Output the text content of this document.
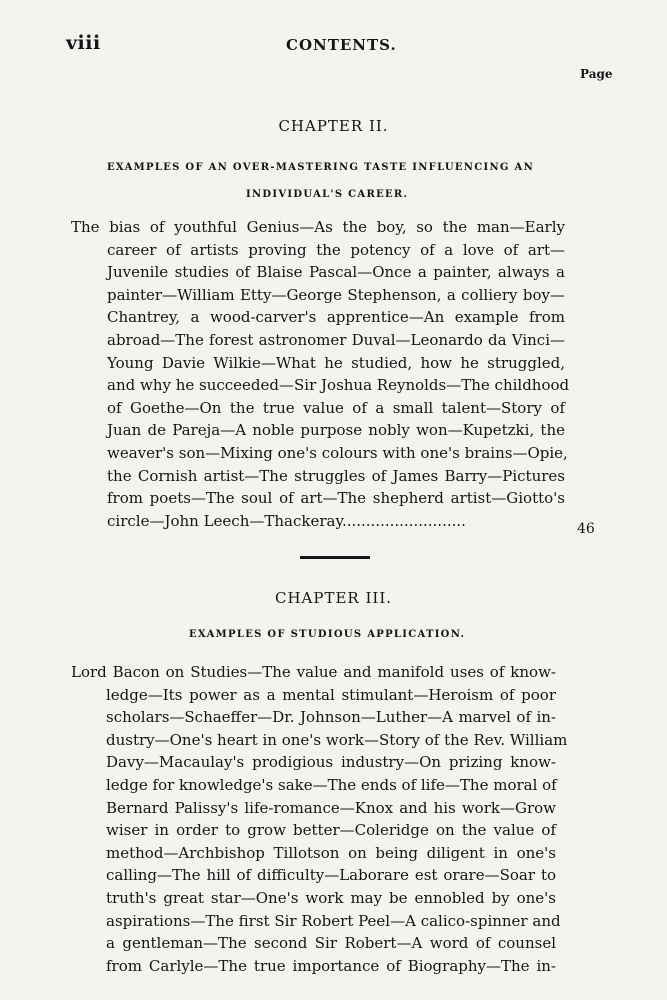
viii	CONTENTS.
Page
CHAPTER II.
EXAMPLES OF AN OVER-MASTERING TASTE INFLUENCING AN
INDIVIDUAL'S CAREER.
The bias of youthful Genius—As the boy, so the man—Early
career of artists proving the potency of a love of art—
Juvenile studies of Blaise Pascal—Once a painter, always a
painter—William Etty—George Stephenson, a colliery boy—
Chantrey, a wood-carver's apprentice—An example from
abroad—The forest astronomer Duval—Leonardo da Vinci—
Young Davie Wilkie—What he studied, how he struggled,
and why he succeeded—Sir Joshua Reynolds—The childhood
of Goethe—On the true value of a small talent—Story of
Juan de Pareja—A noble purpose nobly won—Kupetzki, the
weaver's son—Mixing one's colours with one's brains—Opie,
the Cornish artist—The struggles of James Barry—Pictures
from poets—The soul of art—The shepherd artist—Giotto's
circle—John Leech—Thackeray..........................	46
CHAPTER III.
EXAMPLES OF STUDIOUS APPLICATION.
Lord Bacon on Studies—The value and manifold uses of know-
ledge—Its power as a mental stimulant—Heroism of poor
scholars—Schaeffer—Dr. Johnson—Luther—A marvel of in-
dustry—One's heart in one's work—Story of the Rev. William
Davy—Macaulay's prodigious industry—On prizing know-
ledge for knowledge's sake—The ends of life—The moral of
Bernard Palissy's life-romance—Knox and his work—Grow
wiser in order to grow better—Coleridge on the value of
method—Archbishop Tillotson on being diligent in one's
calling—The hill of difficulty—Laborare est orare—Soar to
truth's great star—One's work may be ennobled by one's
aspirations—The first Sir Robert Peel—A calico-spinner and
a gentleman—The second Sir Robert—A word of counsel
from Carlyle—The true importance of Biography—The in-
